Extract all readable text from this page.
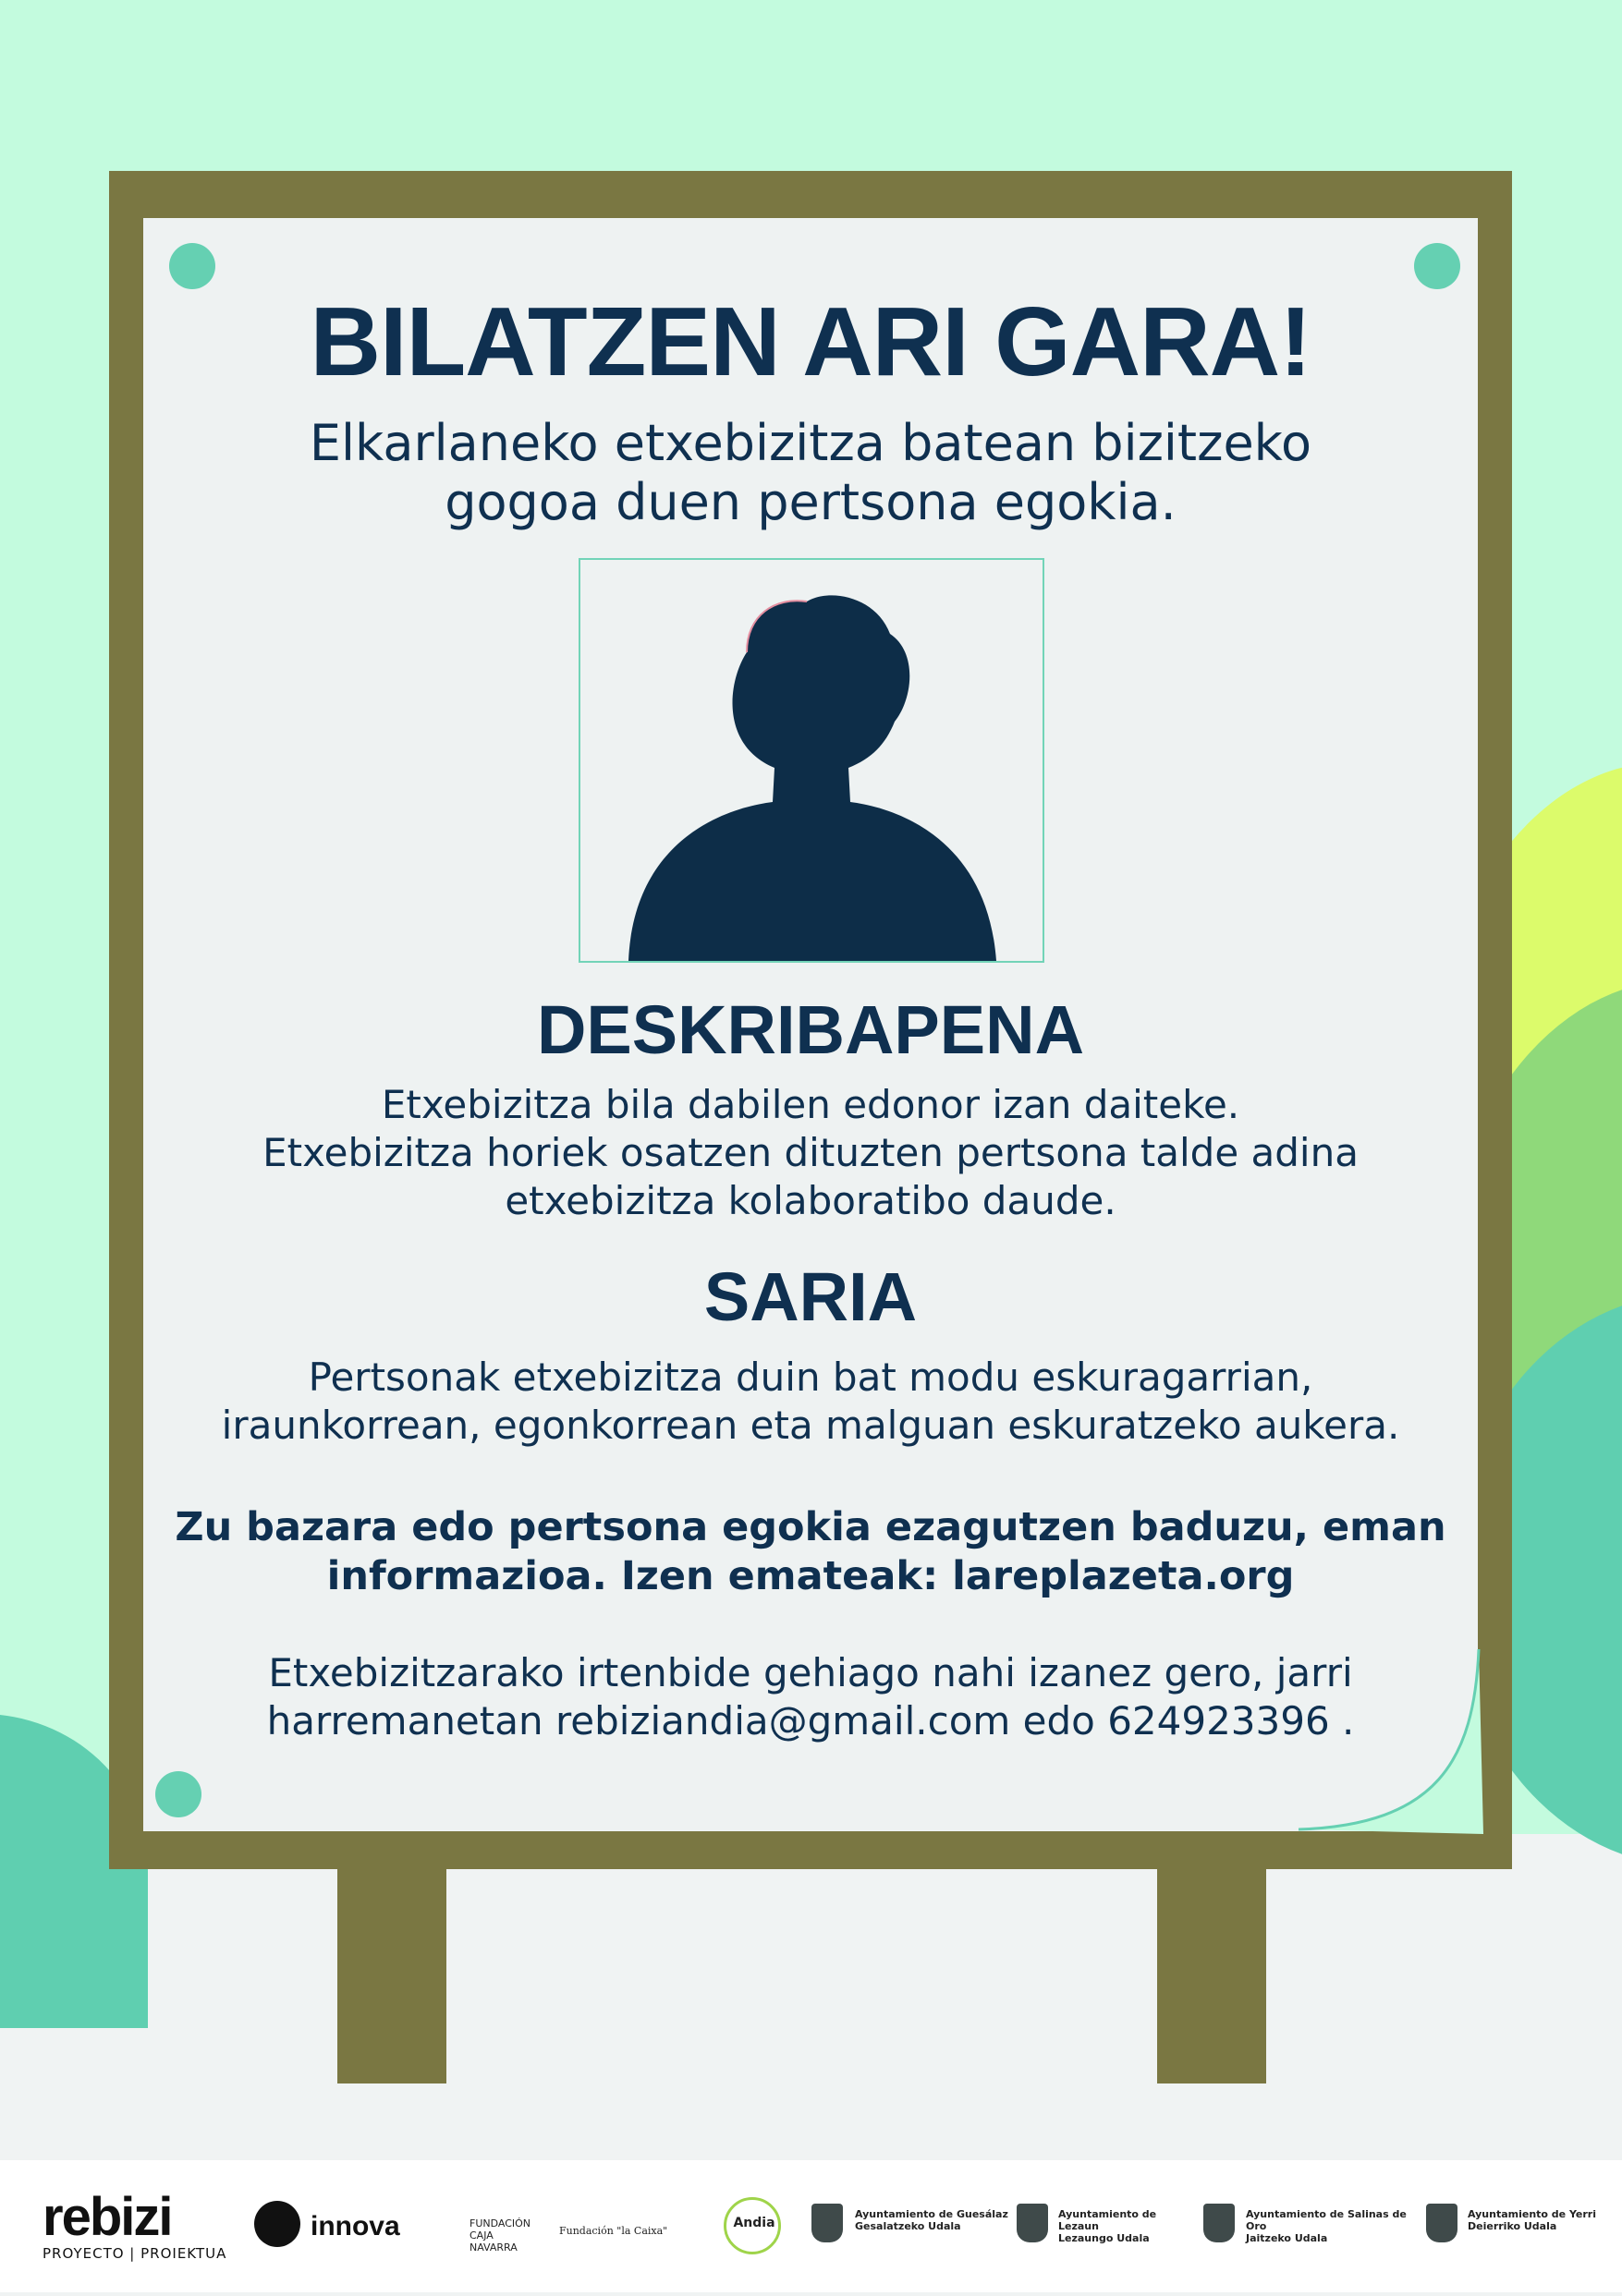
BILATZEN ARI GARA!
Elkarlaneko etxebizitza batean bizitzeko
gogoa duen pertsona egokia.
DESKRIBAPENA
Etxebizitza bila dabilen edonor izan daiteke.
Etxebizitza horiek osatzen dituzten pertsona talde adina
etxebizitza kolaboratibo daude.
SARIA
Pertsonak etxebizitza duin bat modu eskuragarrian,
iraunkorrean, egonkorrean eta malguan eskuratzeko aukera.
Zu bazara edo pertsona egokia ezagutzen baduzu, eman
informazioa. Izen emateak: lareplazeta.org
Etxebizitzarako irtenbide gehiago nahi izanez gero, jarri
harremanetan rebiziandia@gmail.com edo 624923396 .
rebizi
PROYECTO | PROIEKTUA
innova	FUNDACIÓN CAJA NAVARRA
Fundación "la Caixa"
Andia
Ayuntamiento de Guesálaz
Gesalatzeko Udala
Ayuntamiento de Lezaun
Lezaungo Udala
Ayuntamiento de Salinas de Oro
Jaitzeko Udala
Ayuntamiento de Yerri
Deierriko Udala
